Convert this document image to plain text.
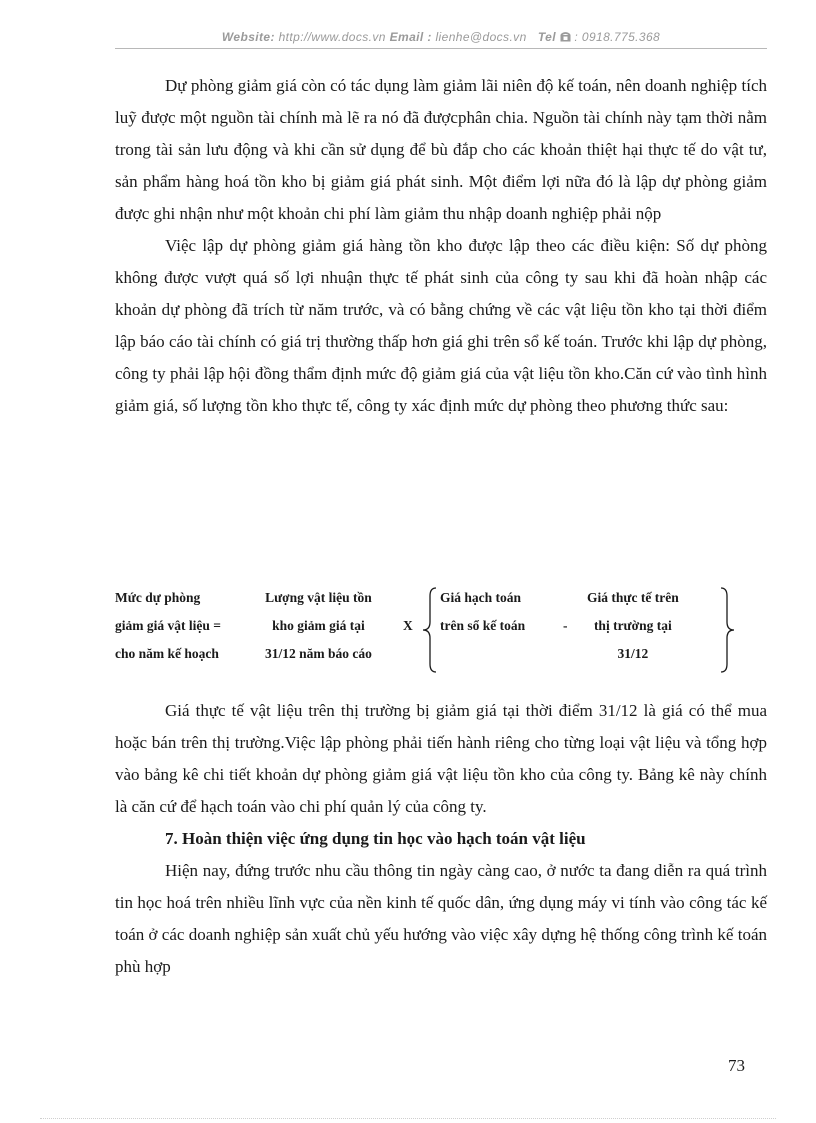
Website: http://www.docs.vn Email : lienhe@docs.vn Tel : 0918.775.368

Dự phòng giảm giá còn có tác dụng làm giảm lãi niên độ kế toán, nên doanh nghiệp tích luỹ được một nguồn tài chính mà lẽ ra nó đã đượcphân chia. Nguồn tài chính này tạm thời nằm trong tài sản lưu động và khi cần sử dụng để bù đắp cho các khoản thiệt hại thực tế do vật tư, sản phẩm hàng hoá tồn kho bị giảm giá phát sinh. Một điểm lợi nữa đó là lập dự phòng giảm được ghi nhận như một khoản chi phí làm giảm thu nhập doanh nghiệp phải nộp

Việc lập dự phòng giảm giá hàng tồn kho được lập theo các điều kiện: Số dự phòng không được vượt quá số lợi nhuận thực tế phát sinh của công ty sau khi đã hoàn nhập các khoản dự phòng đã trích từ năm trước, và có bằng chứng về các vật liệu tồn kho tại thời điểm lập báo cáo tài chính có giá trị thường thấp hơn giá ghi trên sổ kế toán. Trước khi lập dự phòng, công ty phải lập hội đồng thẩm định mức độ giảm giá của vật liệu tồn kho.Căn cứ vào tình hình giảm giá, số lượng tồn kho thực tế, công ty xác định mức dự phòng theo phương thức sau:

Mức dự phòng
giảm giá vật liệu =
cho năm kế hoạch
Lượng vật liệu tồn
kho giảm giá tại
31/12 năm báo cáo
X
Giá hạch toán
trên sổ kế toán	-
Giá thực tế trên
thị trường tại
31/12

Giá thực tế vật liệu trên thị trường bị giảm giá tại thời điểm 31/12 là giá có thể mua hoặc bán trên thị trường.Việc lập phòng phải tiến hành riêng cho từng loại vật liệu và tổng hợp vào bảng kê chi tiết khoản dự phòng giảm giá vật liệu tồn kho của công ty. Bảng kê này chính là căn cứ để hạch toán vào chi phí quản lý của công ty.

7. Hoàn thiện việc ứng dụng tin học vào hạch toán vật liệu

Hiện nay, đứng trước nhu cầu thông tin ngày càng cao, ở nước ta đang diễn ra quá trình tin học hoá trên nhiều lĩnh vực của nền kinh tế quốc dân, ứng dụng máy vi tính vào công tác kế toán ở các doanh nghiệp sản xuất chủ yếu hướng vào việc xây dựng hệ thống công trình kế toán phù hợp

73
